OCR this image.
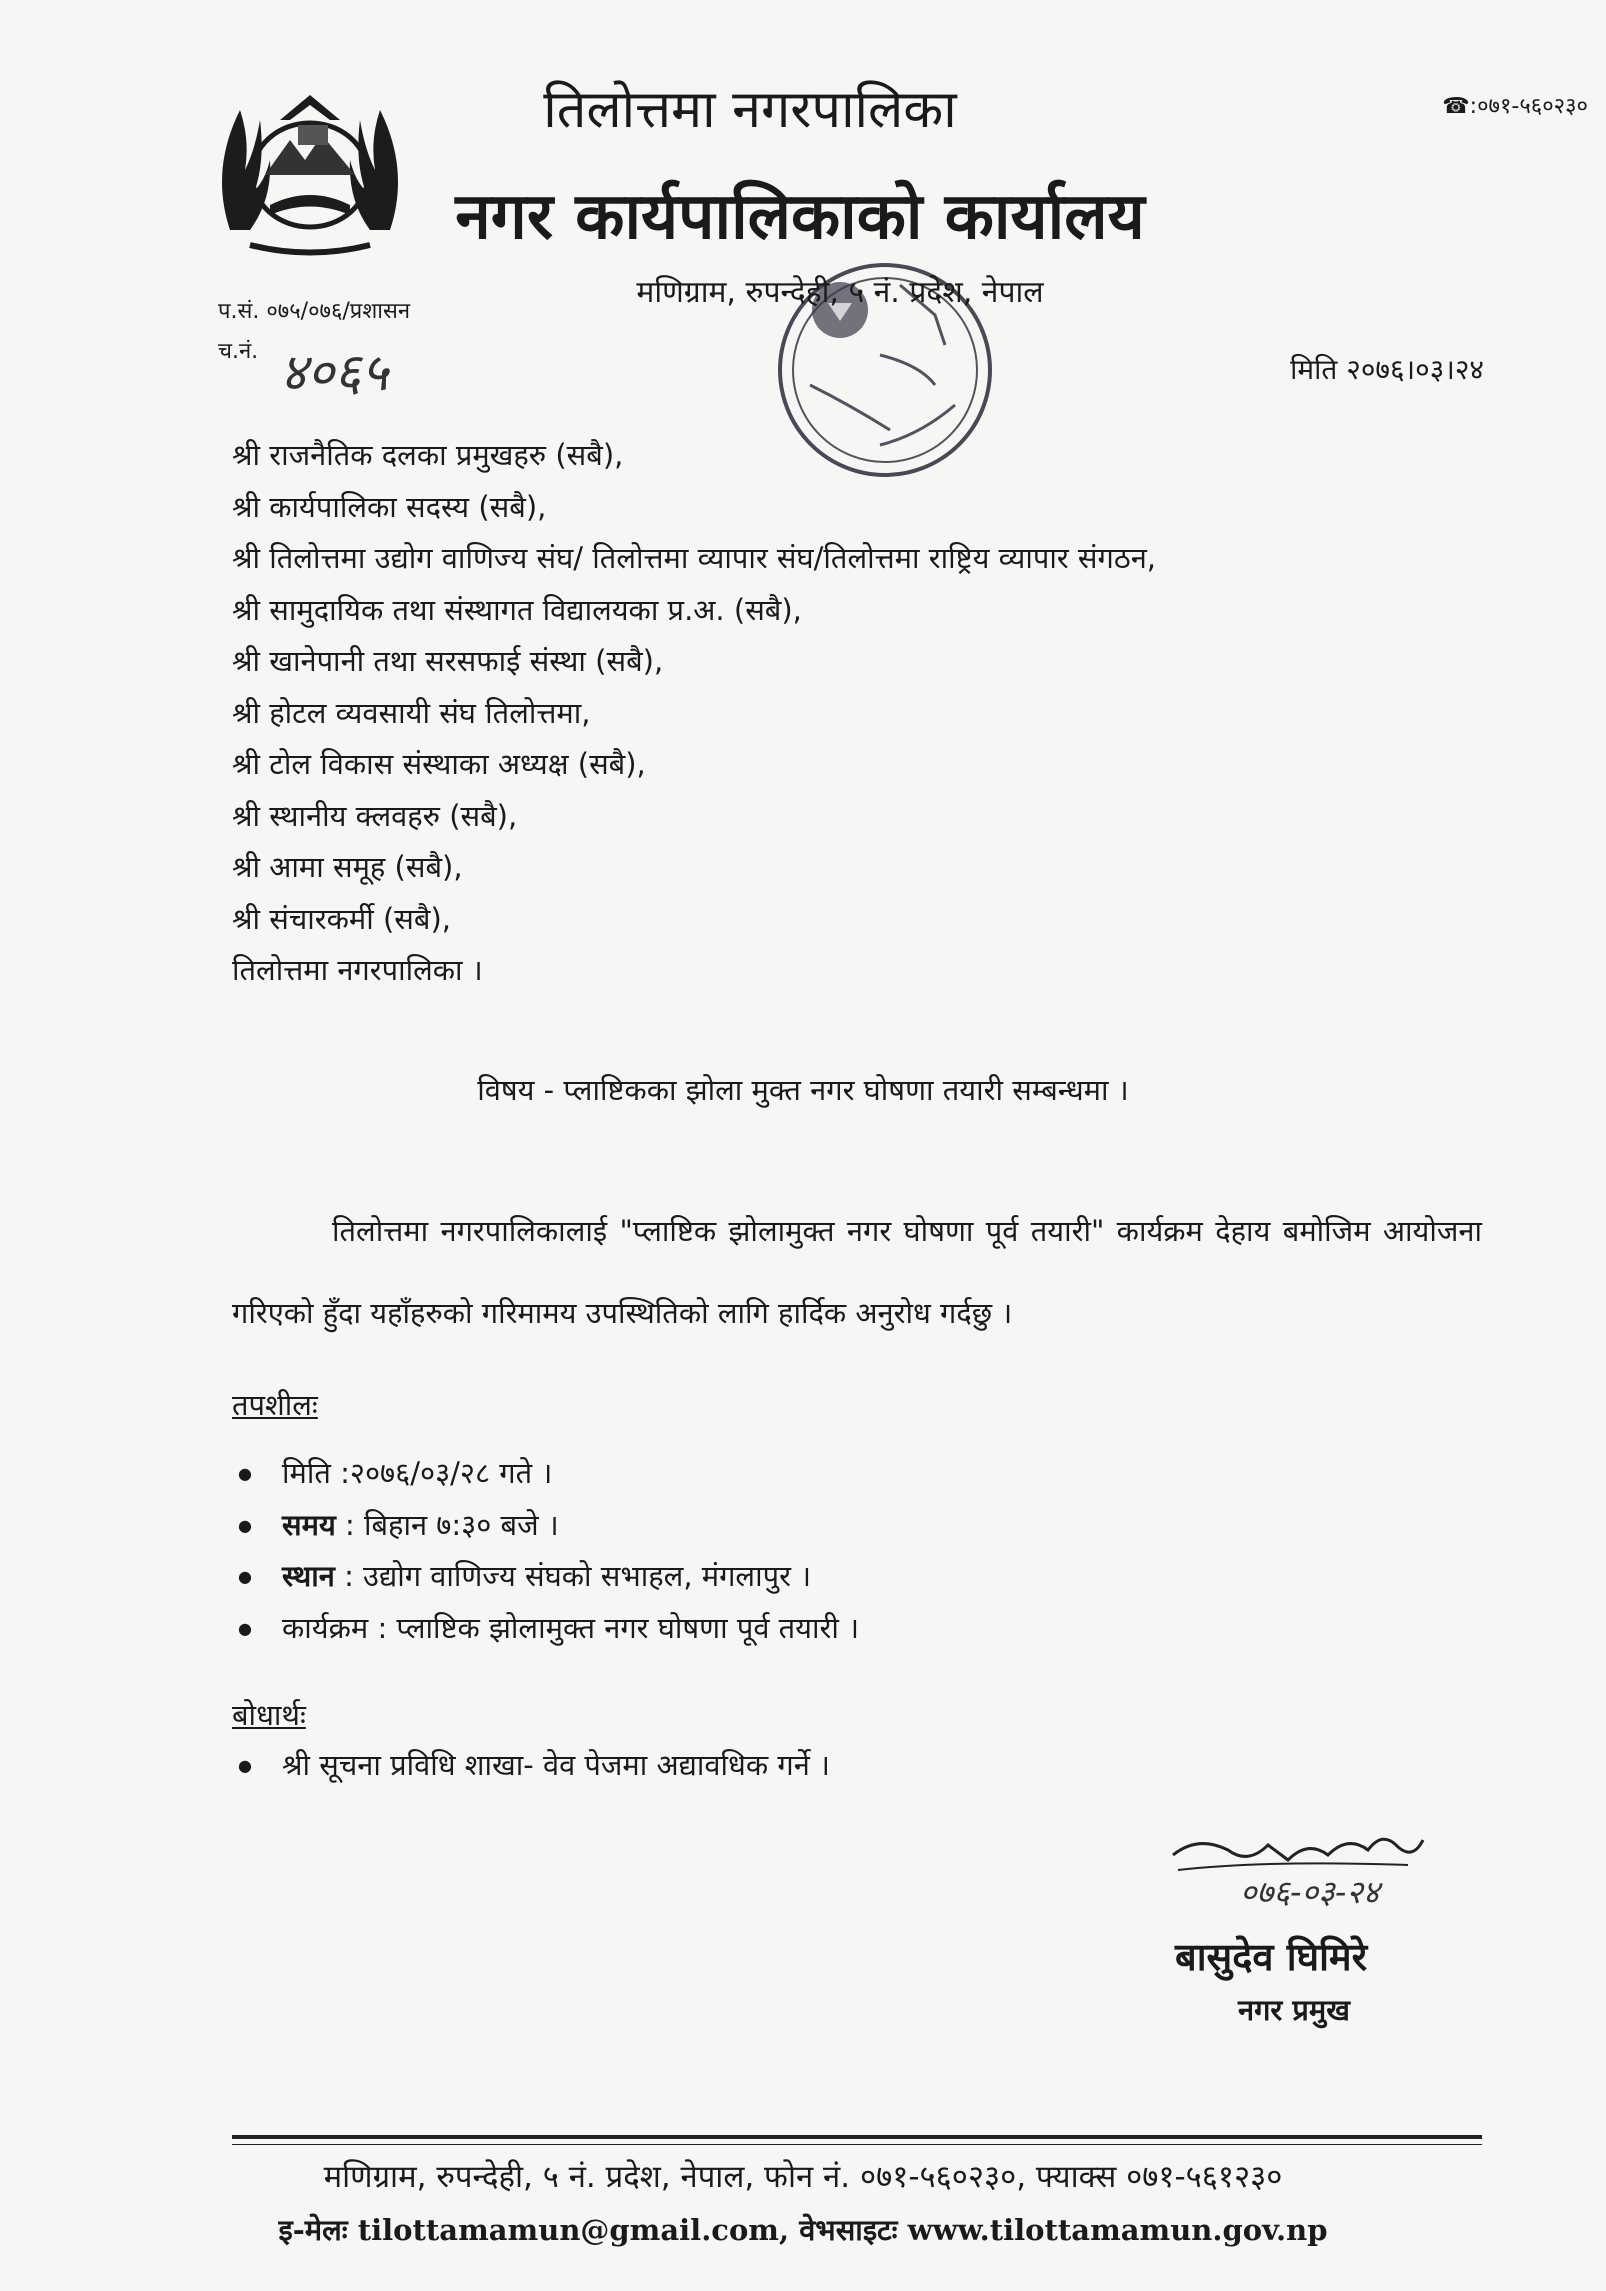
☎:०७१-५६०२३०
तिलोत्तमा नगरपालिका
नगर कार्यपालिकाको कार्यालय
मणिग्राम, रुपन्देही, ५ नं. प्रदेश, नेपाल
प.सं. ०७५/०७६/प्रशासन
च.नं. ४०६५	मिति २०७६।०३।२४
श्री राजनैतिक दलका प्रमुखहरु (सबै),
श्री कार्यपालिका सदस्य (सबै),
श्री तिलोत्तमा उद्योग वाणिज्य संघ/ तिलोत्तमा व्यापार संघ/तिलोत्तमा राष्ट्रिय व्यापार संगठन,
श्री सामुदायिक तथा संस्थागत विद्यालयका प्र.अ. (सबै),
श्री खानेपानी तथा सरसफाई संस्था (सबै),
श्री होटल व्यवसायी संघ तिलोत्तमा,
श्री टोल विकास संस्थाका अध्यक्ष (सबै),
श्री स्थानीय क्लवहरु (सबै),
श्री आमा समूह (सबै),
श्री संचारकर्मी (सबै),
तिलोत्तमा नगरपालिका ।
विषय - प्लाष्टिकका झोला मुक्त नगर घोषणा तयारी सम्बन्धमा ।
तिलोत्तमा नगरपालिकालाई "प्लाष्टिक झोलामुक्त नगर घोषणा पूर्व तयारी" कार्यक्रम देहाय बमोजिम आयोजना गरिएको हुँदा यहाँहरुको गरिमामय उपस्थितिको लागि हार्दिक अनुरोध गर्दछु ।
तपशीलः
● मिति :२०७६/०३/२८ गते ।
● समय : बिहान ७:३० बजे ।
● स्थान : उद्योग वाणिज्य संघको सभाहल, मंगलापुर ।
● कार्यक्रम : प्लाष्टिक झोलामुक्त नगर घोषणा पूर्व तयारी ।
बोधार्थः
● श्री सूचना प्रविधि शाखा- वेव पेजमा अद्यावधिक गर्ने ।
०७६-०३-२४
बासुदेव घिमिरे
नगर प्रमुख
मणिग्राम, रुपन्देही, ५ नं. प्रदेश, नेपाल, फोन नं. ०७१-५६०२३०, फ्याक्स ०७१-५६१२३०
इ-मेलः tilottamamun@gmail.com, वेभसाइटः www.tilottamamun.gov.np
